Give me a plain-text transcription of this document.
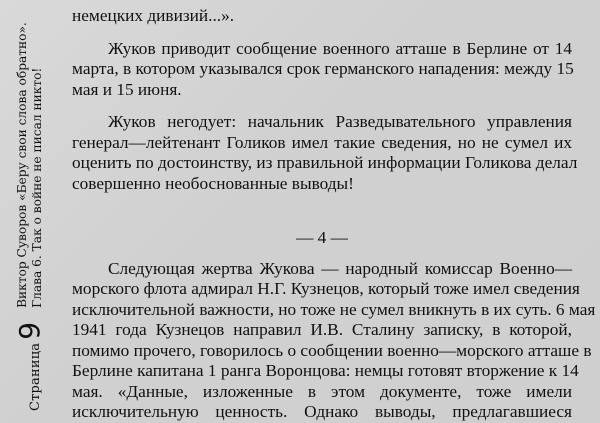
Страница
9
Виктор Суворов «Беру свои слова обратно». Глава 6. Так о войне не писал никто!
немецких дивизий...».
Жуков приводит сообщение военного атташе в Берлине от 14
марта, в котором указывался срок германского нападения: между 15
мая и 15 июня.
Жуков негодует: начальник Разведывательного управления
генерал—лейтенант Голиков имел такие сведения, но не сумел их
оценить по достоинству, из правильной информации Голикова делал
совершенно необоснованные выводы!
— 4 —
Следующая жертва Жукова — народный комиссар Военно—
морского флота адмирал Н.Г. Кузнецов, который тоже имел сведения
исключительной важности, но тоже не сумел вникнуть в их суть. 6 мая
1941 года Кузнецов направил И.В. Сталину записку, в которой,
помимо прочего, говорилось о сообщении военно—морского атташе в
Берлине капитана 1 ранга Воронцова: немцы готовят вторжение к 14
мая. «Данные, изложенные в этом документе, тоже имели
исключительную ценность. Однако выводы, предлагавшиеся
